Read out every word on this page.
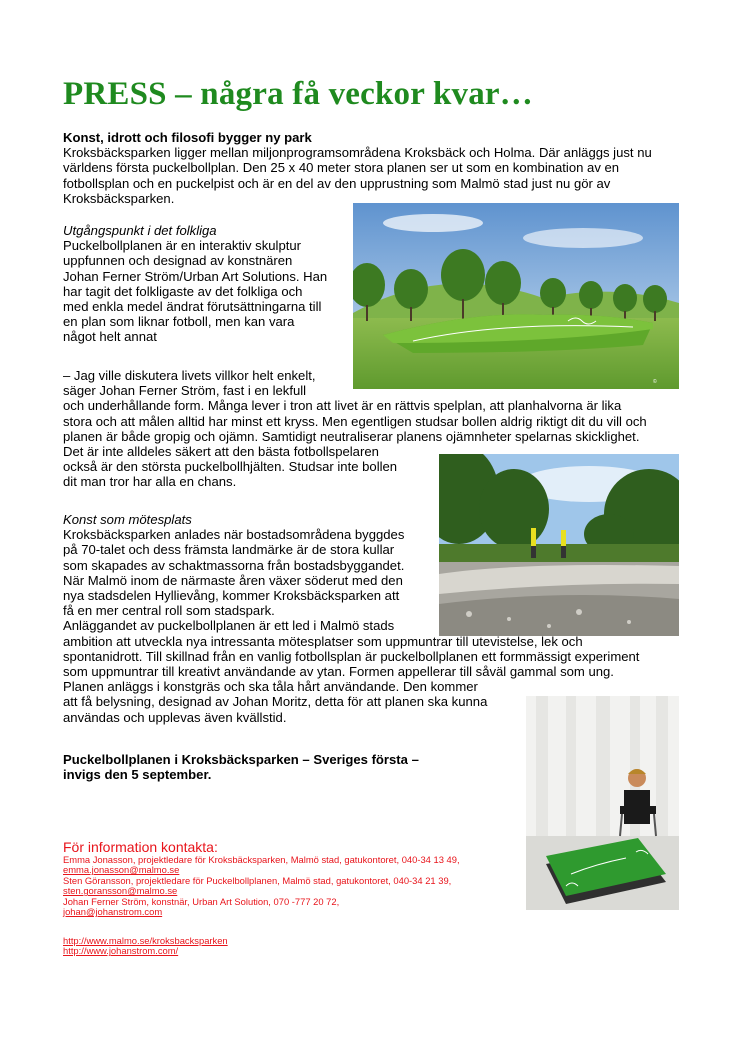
PRESS – några få veckor kvar…

Konst, idrott och filosofi bygger ny park

Kroksbäcksparken ligger mellan miljonprogramsområdena Kroksbäck och Holma. Där anläggs just nu

världens första puckelbollplan. Den 25 x 40 meter stora planen ser ut som en kombination av en

fotbollsplan och en puckelpist och är en del av den upprustning som Malmö stad just nu gör av

Kroksbäcksparken.

©

Utgångspunkt i det folkliga

Puckelbollplanen är en interaktiv skulptur

uppfunnen och designad av konstnären

Johan Ferner Ström/Urban Art Solutions. Han

har tagit det folkligaste av det folkliga och

med enkla medel ändrat förutsättningarna till

en plan som liknar fotboll, men kan vara

något helt annat

– Jag ville diskutera livets villkor helt enkelt,

säger Johan Ferner Ström, fast i en lekfull

och underhållande form. Många lever i tron att livet är en rättvis spelplan, att planhalvorna är lika

stora och att målen alltid har minst ett kryss. Men egentligen studsar bollen aldrig riktigt dit du vill och

planen är både gropig och ojämn. Samtidigt neutraliserar planens ojämnheter spelarnas skicklighet.

Det är inte alldeles säkert att den bästa fotbollspelaren

också är den största puckelbollhjälten. Studsar inte bollen

dit man tror har alla en chans.

Konst som mötesplats

Kroksbäcksparken anlades när bostadsområdena byggdes

på 70-talet och dess främsta landmärke är de stora kullar

som skapades av schaktmassorna från bostadsbyggandet.

När Malmö inom de närmaste åren växer söderut med den

nya stadsdelen Hyllievång, kommer Kroksbäcksparken att

få en mer central roll som stadspark.

Anläggandet av puckelbollplanen är ett led i Malmö stads

ambition att utveckla nya intressanta mötesplatser som uppmuntrar till utevistelse, lek och

spontanidrott. Till skillnad från en vanlig fotbollsplan är puckelbollplanen ett formmässigt experiment

som uppmuntrar till kreativt användande av ytan. Formen appellerar till såväl gammal som ung.

Planen anläggs i konstgräs och ska tåla hårt användande. Den kommer

att få belysning, designad av Johan Moritz, detta för att planen ska kunna

användas och upplevas även kvällstid.

Puckelbollplanen i Kroksbäcksparken – Sveriges första –

invigs den 5 september.

För information kontakta:
Emma Jonasson, projektledare för Kroksbäcksparken, Malmö stad, gatukontoret, 040-34 13 49,
emma.jonasson@malmo.se
Sten Göransson, projektledare för Puckelbollplanen, Malmö stad, gatukontoret, 040-34 21 39,
sten.goransson@malmo.se
Johan Ferner Ström, konstnär, Urban Art Solution, 070 -777 20 72,
johan@johanstrom.com
http://www.malmo.se/kroksbacksparken
http://www.johanstrom.com/
